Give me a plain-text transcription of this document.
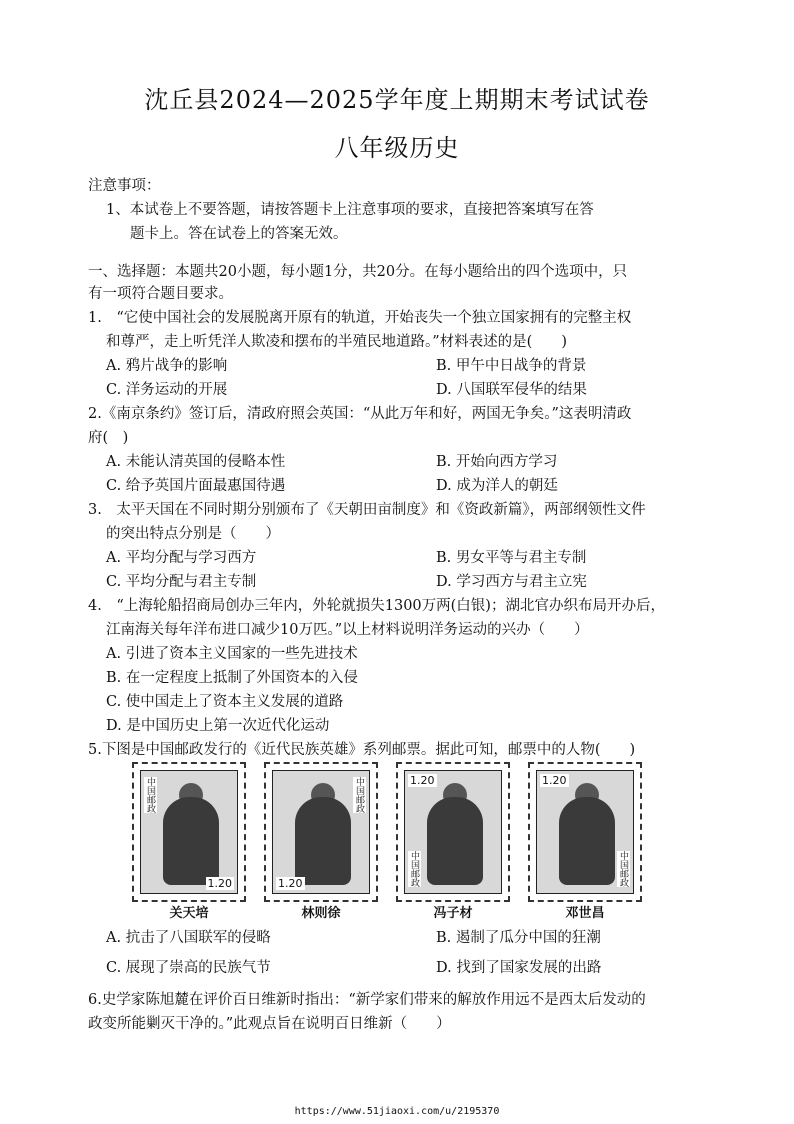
沈丘县2024—2025学年度上期期末考试试卷
八年级历史
注意事项：
1、本试卷上不要答题，请按答题卡上注意事项的要求，直接把答案填写在答
题卡上。答在试卷上的答案无效。
一、选择题：本题共20小题，每小题1分，共20分。在每小题给出的四个选项中，只
有一项符合题目要求。
1.　“它使中国社会的发展脱离开原有的轨道，开始丧失一个独立国家拥有的完整主权
和尊严，走上听凭洋人欺凌和摆布的半殖民地道路。”材料表述的是(　　)
A. 鸦片战争的影响	B. 甲午中日战争的背景
C. 洋务运动的开展	D. 八国联军侵华的结果
2.《南京条约》签订后，清政府照会英国：“从此万年和好，两国无争矣。”这表明清政
府(　)
A. 未能认清英国的侵略本性	B. 开始向西方学习
C. 给予英国片面最惠国待遇	D. 成为洋人的朝廷
3.　太平天国在不同时期分别颁布了《天朝田亩制度》和《资政新篇》，两部纲领性文件
的突出特点分别是（　　）
A. 平均分配与学习西方	B. 男女平等与君主专制
C. 平均分配与君主专制	D. 学习西方与君主立宪
4.　“上海轮船招商局创办三年内，外轮就损失1300万两(白银)；湖北官办织布局开办后，
江南海关每年洋布进口减少10万匹。”以上材料说明洋务运动的兴办（　　）
A. 引进了资本主义国家的一些先进技术
B. 在一定程度上抵制了外国资本的入侵
C. 使中国走上了资本主义发展的道路
D. 是中国历史上第一次近代化运动
5.下图是中国邮政发行的《近代民族英雄》系列邮票。据此可知，邮票中的人物(　　)
中国邮政
1.20
关天培
中国邮政
1.20
林则徐
1.20
中国邮政
冯子材
1.20
中国邮政
邓世昌
A. 抗击了八国联军的侵略	B. 遏制了瓜分中国的狂潮
C. 展现了崇高的民族气节	D. 找到了国家发展的出路
6.史学家陈旭麓在评价百日维新时指出：“新学家们带来的解放作用远不是西太后发动的
政变所能剿灭干净的。”此观点旨在说明百日维新（　　）
https://www.51jiaoxi.com/u/2195370
